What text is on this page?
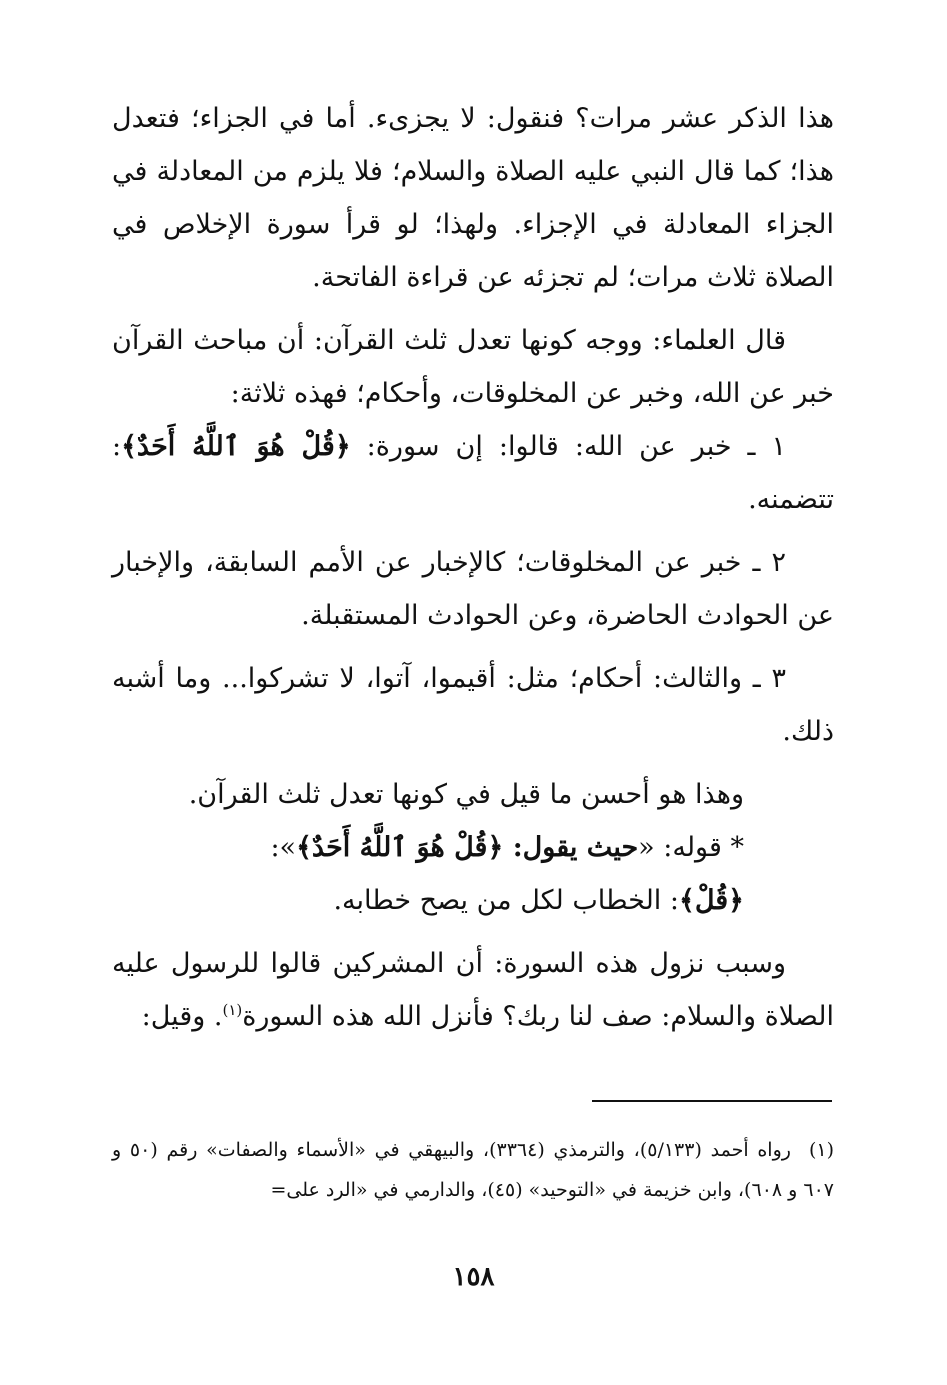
هذا الذكر عشر مرات؟ فنقول: لا يجزىء. أما في الجزاء؛ فتعدل هذا؛ كما قال النبي عليه الصلاة والسلام؛ فلا يلزم من المعادلة في الجزاء المعادلة في الإجزاء. ولهذا؛ لو قرأ سورة الإخلاص في الصلاة ثلاث مرات؛ لم تجزئه عن قراءة الفاتحة.

قال العلماء: ووجه كونها تعدل ثلث القرآن: أن مباحث القرآن خبر عن الله، وخبر عن المخلوقات، وأحكام؛ فهذه ثلاثة:

١ ـ خبر عن الله: قالوا: إن سورة: ﴿قُلْ هُوَ ٱللَّهُ أَحَدٌ﴾: تتضمنه.

٢ ـ خبر عن المخلوقات؛ كالإخبار عن الأمم السابقة، والإخبار عن الحوادث الحاضرة، وعن الحوادث المستقبلة.

٣ ـ والثالث: أحكام؛ مثل: أقيموا، آتوا، لا تشركوا... وما أشبه ذلك.

وهذا هو أحسن ما قيل في كونها تعدل ثلث القرآن.

* قوله: «حيث يقول: ﴿قُلْ هُوَ ٱللَّهُ أَحَدٌ﴾»:

﴿قُلْ﴾: الخطاب لكل من يصح خطابه.

وسبب نزول هذه السورة: أن المشركين قالوا للرسول عليه الصلاة والسلام: صف لنا ربك؟ فأنزل الله هذه السورة$^{(١)}$. وقيل:

(١)رواه أحمد (٥/١٣٣)، والترمذي (٣٣٦٤)، والبيهقي في «الأسماء والصفات» رقم (٥٠ و ٦٠٧ و ٦٠٨)، وابن خزيمة في «التوحيد» (٤٥)، والدارمي في «الرد على=
١٥٨
